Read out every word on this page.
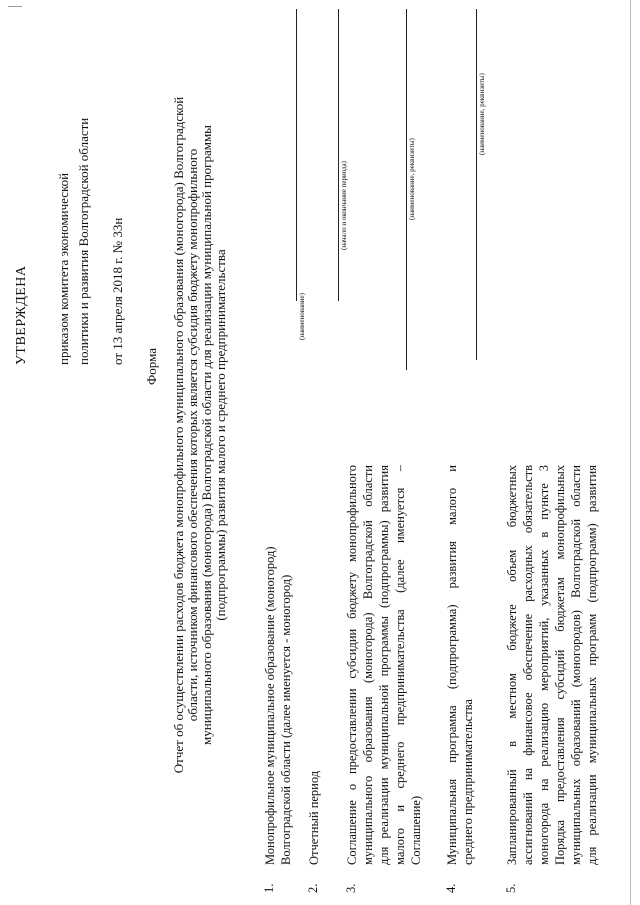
УТВЕРЖДЕНА приказом комитета экономической политики и развития Волгоградской области от 13 апреля 2018 г. № 33н
Форма Отчет об осуществлении расходов бюджета монопрофильного муниципального образования (моногорода) Волгоградской области, источником финансового обеспечения которых является субсидия бюджету монопрофильного муниципального образования (моногорода) Волгоградской области для реализации муниципальной программы (подпрограммы) развития малого и среднего предпринимательства	(наименование)
(начало и окончание периода)	(наименование, реквизиты)
(наименование, реквизиты)
1.
Монопрофильное муниципальное образование (моногород) Волгоградской области (далее именуется - моногород)
2.
Отчетный период
3.
Соглашение о предоставлении субсидии бюджету монопрофильного муниципального образования (моногорода) Волгоградской области для реализации муниципальной программы (подпрограммы) развития малого и среднего предпринимательства (далее именуется – Соглашение)
4.
Муниципальная программа (подпрограмма) развития малого и среднего предпринимательства
5.
Запланированный в местном бюджете объем бюджетных ассигнований на финансовое обеспечение расходных обязательств моногорода на реализацию мероприятий, указанных в пункте 3 Порядка предоставления субсидий бюджетам монопрофильных муниципальных образований (моногородов) Волгоградской области для реализации муниципальных программ (подпрограмм) развития
